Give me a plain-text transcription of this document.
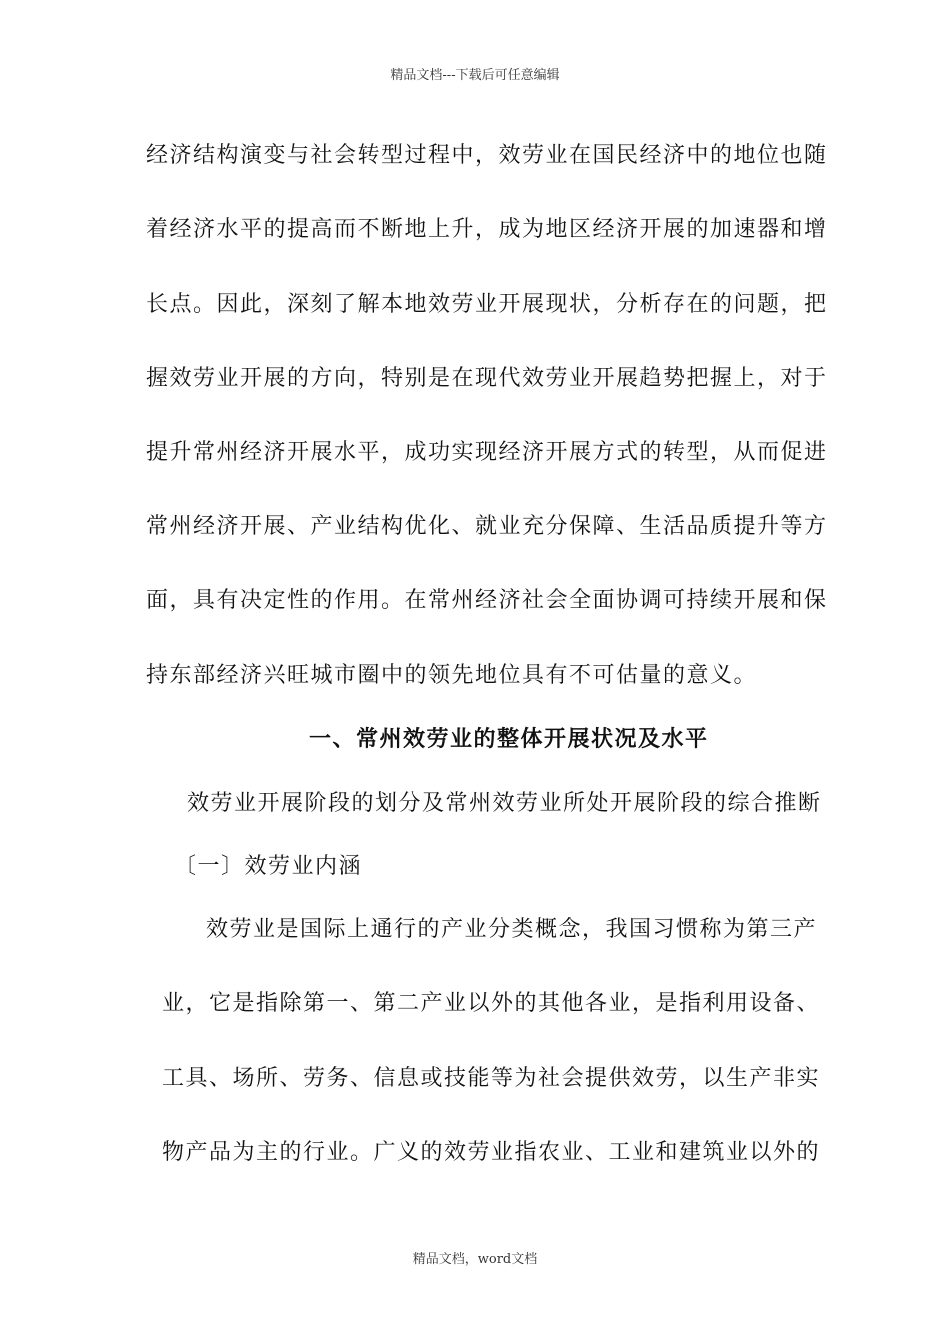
精品文档---下载后可任意编辑
经济结构演变与社会转型过程中，效劳业在国民经济中的地位也随
着经济水平的提高而不断地上升，成为地区经济开展的加速器和增
长点。因此，深刻了解本地效劳业开展现状，分析存在的问题，把
握效劳业开展的方向，特别是在现代效劳业开展趋势把握上，对于
提升常州经济开展水平，成功实现经济开展方式的转型，从而促进
常州经济开展、产业结构优化、就业充分保障、生活品质提升等方
面，具有决定性的作用。在常州经济社会全面协调可持续开展和保
持东部经济兴旺城市圈中的领先地位具有不可估量的意义。
一、常州效劳业的整体开展状况及水平
效劳业开展阶段的划分及常州效劳业所处开展阶段的综合推断
〔一〕效劳业内涵
效劳业是国际上通行的产业分类概念，我国习惯称为第三产
业，它是指除第一、第二产业以外的其他各业，是指利用设备、
工具、场所、劳务、信息或技能等为社会提供效劳，以生产非实
物产品为主的行业。广义的效劳业指农业、工业和建筑业以外的
精品文档，word文档
